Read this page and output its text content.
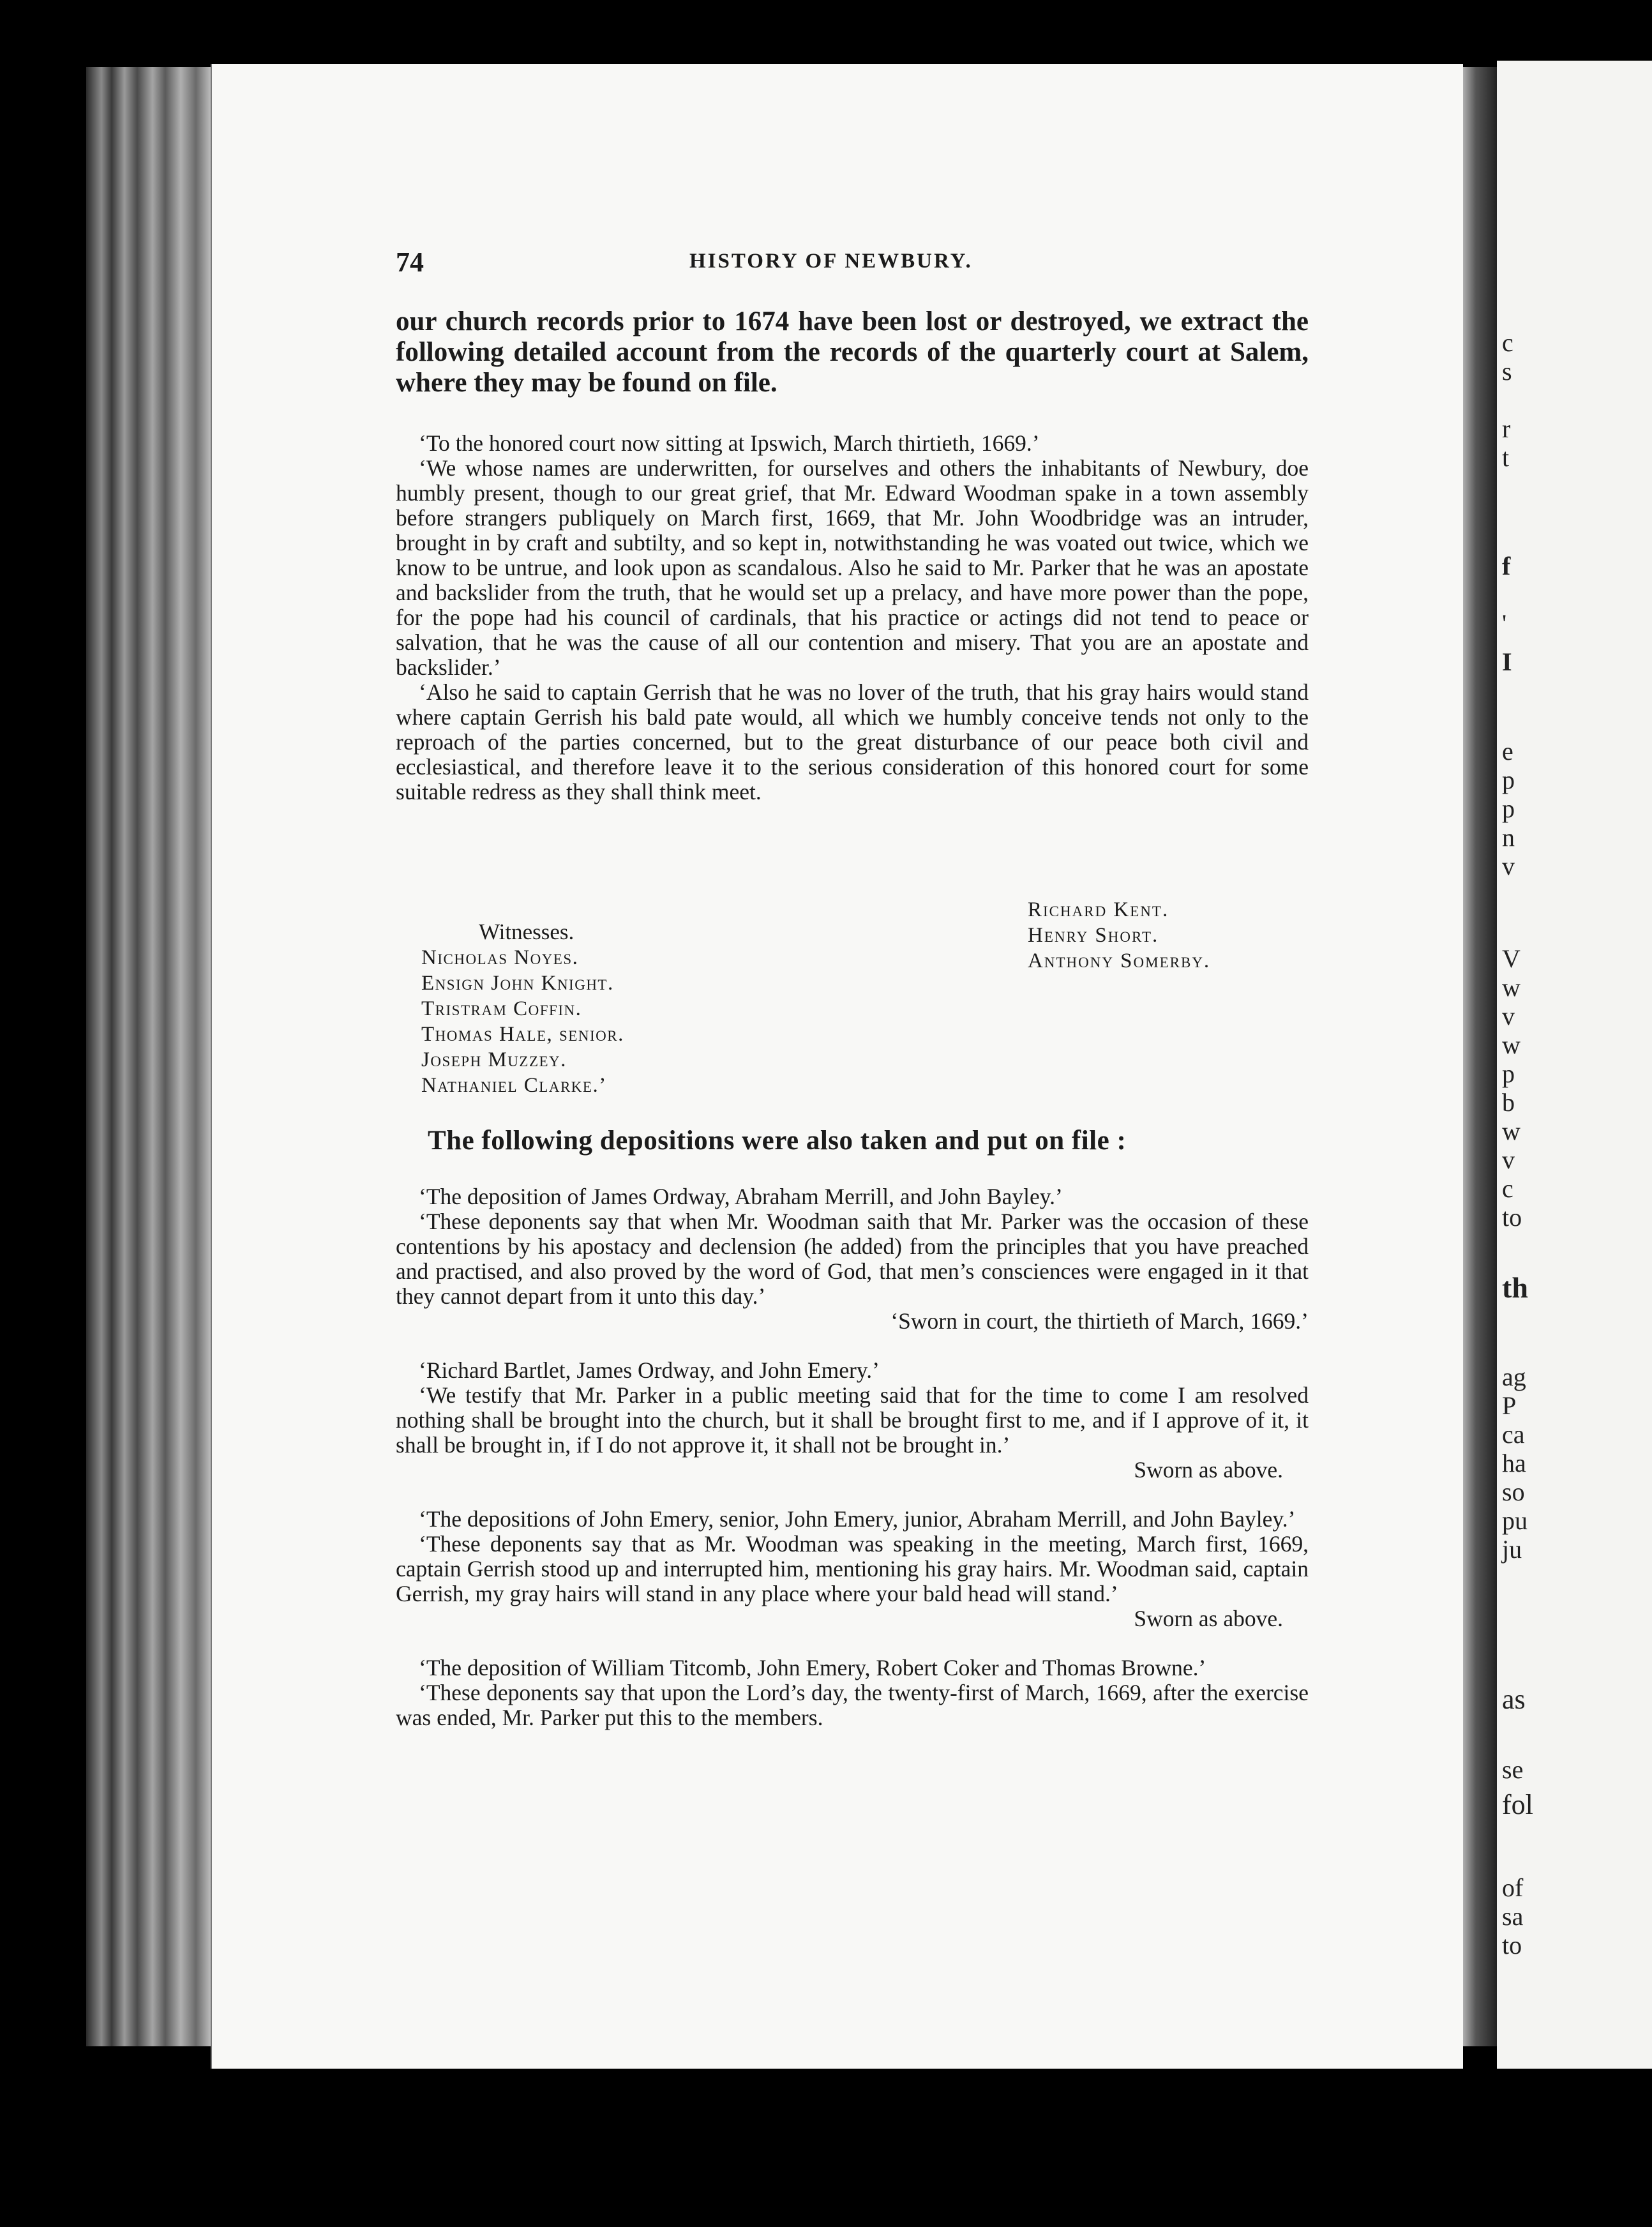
c
s
r
t
f
'
I
e
p
p
n
v
V
w
v
w
p
b
w
v
c
to
th
ag
P
ca
ha
so
pu
ju
as
se
fol
of
sa
to
74	HISTORY OF NEWBURY.
our church records prior to 1674 have been lost or destroyed, we extract the following detailed account from the records of the quarterly court at Salem, where they may be found on file.

‘To the honored court now sitting at Ipswich, March thirtieth, 1669.’

‘We whose names are underwritten, for ourselves and others the inhabitants of Newbury, doe humbly present, though to our great grief, that Mr. Edward Woodman spake in a town assembly before strangers publiquely on March first, 1669, that Mr. John Woodbridge was an intruder, brought in by craft and subtilty, and so kept in, notwithstanding he was voated out twice, which we know to be untrue, and look upon as scandalous. Also he said to Mr. Parker that he was an apostate and backslider from the truth, that he would set up a prelacy, and have more power than the pope, for the pope had his council of cardinals, that his practice or actings did not tend to peace or salvation, that he was the cause of all our contention and misery. That you are an apostate and backslider.’

‘Also he said to captain Gerrish that he was no lover of the truth, that his gray hairs would stand where captain Gerrish his bald pate would, all which we humbly conceive tends not only to the reproach of the parties concerned, but to the great disturbance of our peace both civil and ecclesiastical, and therefore leave it to the serious consideration of this honored court for some suitable redress as they shall think meet.

Richard Kent.
Henry Short.
Anthony Somerby.
Witnesses.
Nicholas Noyes.
Ensign John Knight.
Tristram Coffin.
Thomas Hale, senior.
Joseph Muzzey.
Nathaniel Clarke.’
The following depositions were also taken and put on file :

‘The deposition of James Ordway, Abraham Merrill, and John Bayley.’

‘These deponents say that when Mr. Woodman saith that Mr. Parker was the occasion of these contentions by his apostacy and declension (he added) from the principles that you have preached and practised, and also proved by the word of God, that men’s consciences were engaged in it that they cannot depart from it unto this day.’

‘Sworn in court, the thirtieth of March, 1669.’

‘Richard Bartlet, James Ordway, and John Emery.’

‘We testify that Mr. Parker in a public meeting said that for the time to come I am resolved nothing shall be brought into the church, but it shall be brought first to me, and if I approve of it, it shall be brought in, if I do not approve it, it shall not be brought in.’

Sworn as above.

‘The depositions of John Emery, senior, John Emery, junior, Abraham Merrill, and John Bayley.’

‘These deponents say that as Mr. Woodman was speaking in the meeting, March first, 1669, captain Gerrish stood up and interrupted him, mentioning his gray hairs. Mr. Woodman said, captain Gerrish, my gray hairs will stand in any place where your bald head will stand.’

Sworn as above.

‘The deposition of William Titcomb, John Emery, Robert Coker and Thomas Browne.’

‘These deponents say that upon the Lord’s day, the twenty-first of March, 1669, after the exercise was ended, Mr. Parker put this to the members.
